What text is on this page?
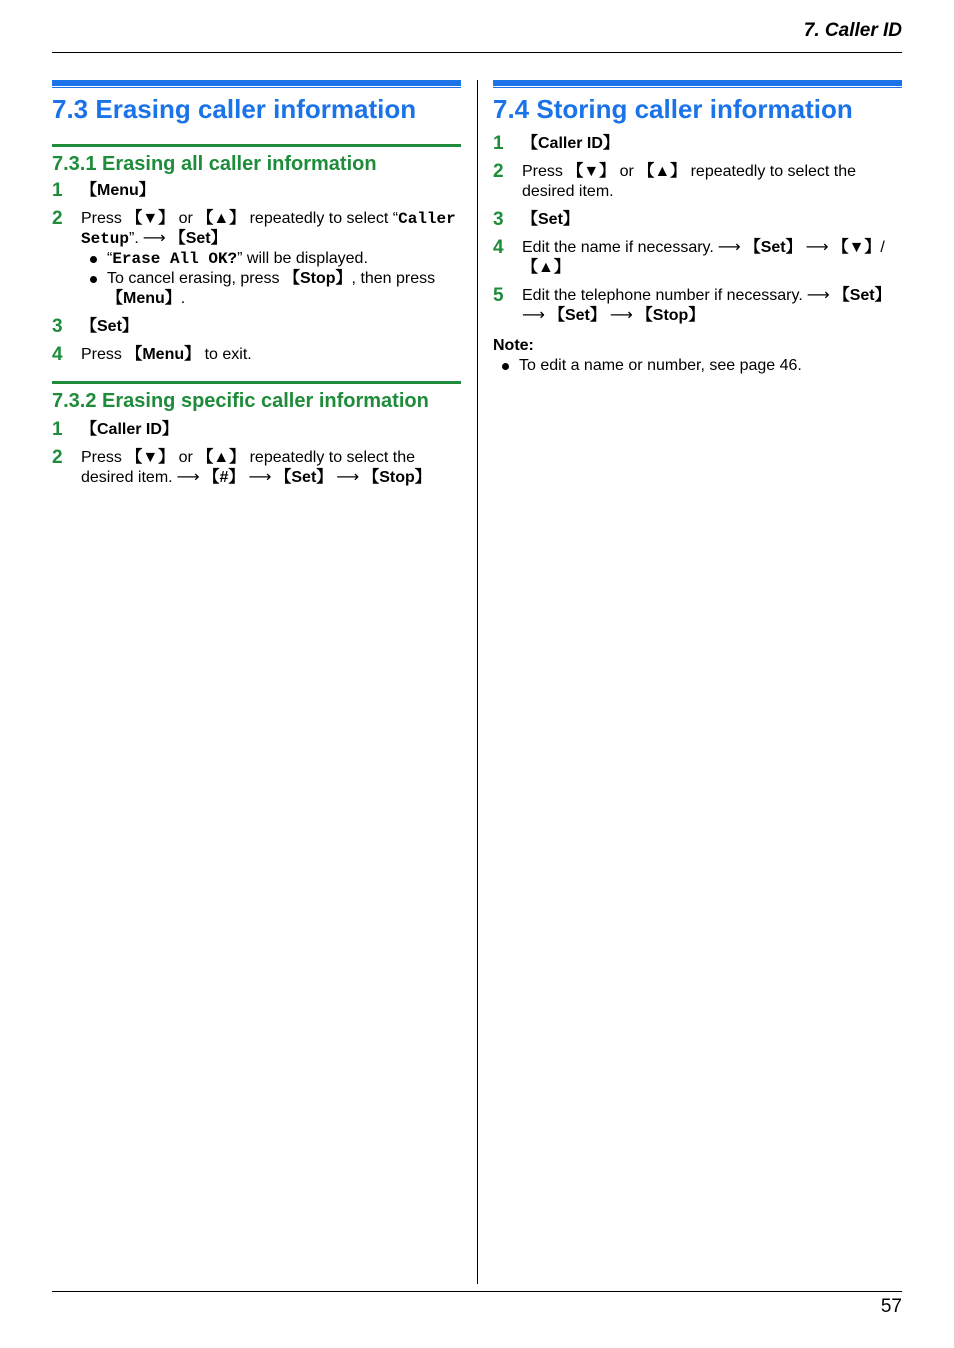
7. Caller ID
7.3 Erasing caller information
7.3.1 Erasing all caller information
1	【Menu】
2	Press 【▼】 or 【▲】 repeatedly to select “Caller Setup”. ⟶ 【Set】
“Erase All OK?” will be displayed.
To cancel erasing, press 【Stop】, then press 【Menu】.
3	【Set】
4	Press 【Menu】 to exit.
7.3.2 Erasing specific caller information
1	【Caller ID】
2	Press 【▼】 or 【▲】 repeatedly to select the desired item. ⟶ 【#】 ⟶ 【Set】 ⟶ 【Stop】
7.4 Storing caller information
1	【Caller ID】
2	Press 【▼】 or 【▲】 repeatedly to select the desired item.
3	【Set】
4	Edit the name if necessary. ⟶ 【Set】 ⟶ 【▼】/【▲】
5	Edit the telephone number if necessary. ⟶ 【Set】
⟶ 【Set】 ⟶ 【Stop】
Note:
To edit a name or number, see page 46.
57
